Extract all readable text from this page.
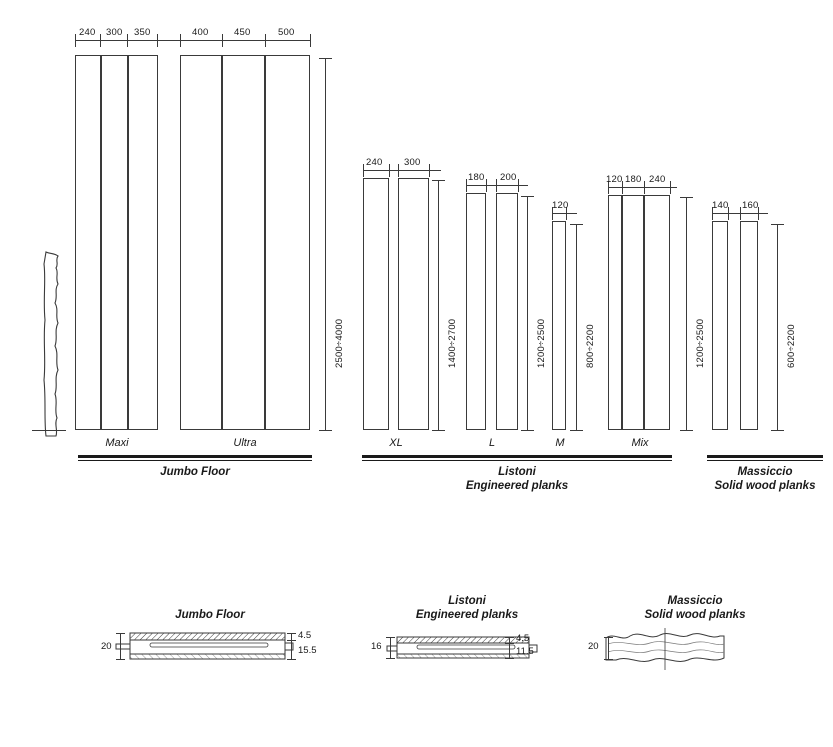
240 300 350	400	450	500
2500÷4000
Maxi	Ultra
Jumbo Floor
240 300
1400÷2700
180 200
1200÷2500
120
800÷2200
120 180 240
1200÷2500
XL	L	M	Mix
Listoni
Engineered planks
140 160
600÷2200
Massiccio
Solid wood planks
Jumbo Floor
20
4.5
15.5
Listoni
Engineered planks
16
4.5
11.5
Massiccio
Solid wood planks
20
